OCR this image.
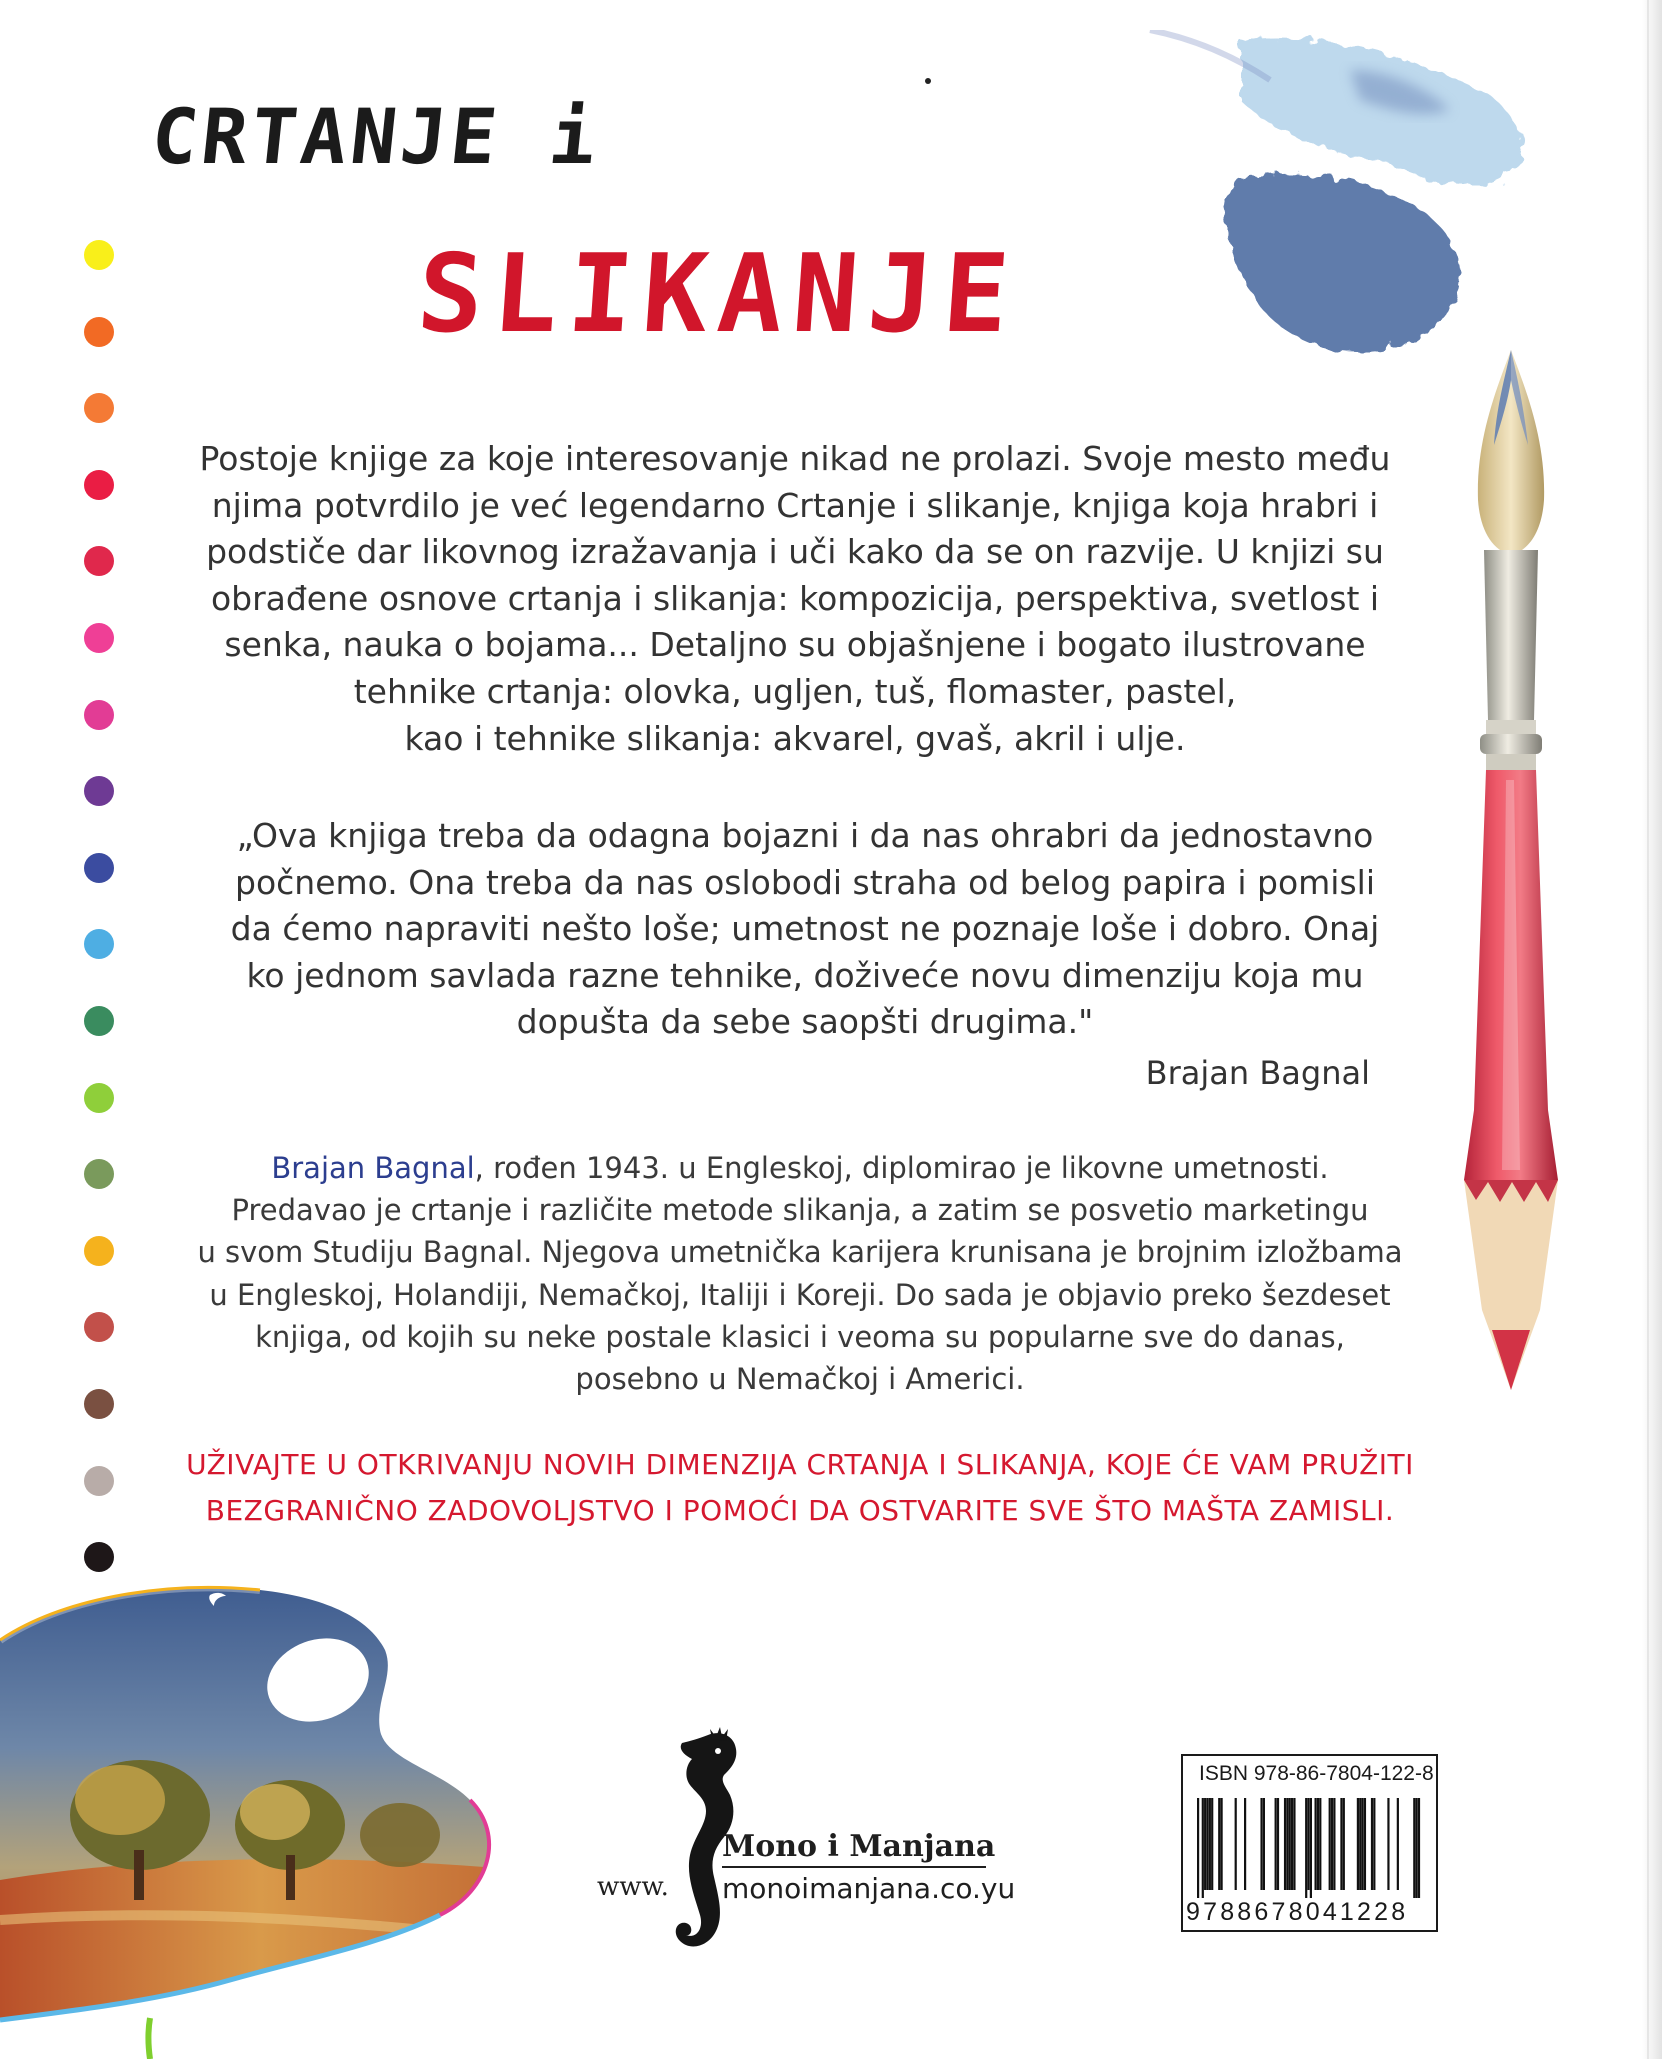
CRTANJE i
SLIKANJE
Postoje knjige za koje interesovanje nikad ne prolazi. Svoje mesto među
njima potvrdilo je već legendarno Crtanje i slikanje, knjiga koja hrabri i
podstiče dar likovnog izražavanja i uči kako da se on razvije. U knjizi su
obrađene osnove crtanja i slikanja: kompozicija, perspektiva, svetlost i
senka, nauka o bojama... Detaljno su objašnjene i bogato ilustrovane
tehnike crtanja: olovka, ugljen, tuš, flomaster, pastel,
kao i tehnike slikanja: akvarel, gvaš, akril i ulje.
„Ova knjiga treba da odagna bojazni i da nas ohrabri da jednostavno
počnemo. Ona treba da nas oslobodi straha od belog papira i pomisli
da ćemo napraviti nešto loše; umetnost ne poznaje loše i dobro. Onaj
ko jednom savlada razne tehnike, doživeće novu dimenziju koja mu
dopušta da sebe saopšti drugima."
Brajan Bagnal
Brajan Bagnal, rođen 1943. u Engleskoj, diplomirao je likovne umetnosti.
Predavao je crtanje i različite metode slikanja, a zatim se posvetio marketingu
u svom Studiju Bagnal. Njegova umetnička karijera krunisana je brojnim izložbama
u Engleskoj, Holandiji, Nemačkoj, Italiji i Koreji. Do sada je objavio preko šezdeset
knjiga, od kojih su neke postale klasici i veoma su popularne sve do danas,
posebno u Nemačkoj i Americi.
UŽIVAJTE U OTKRIVANJU NOVIH DIMENZIJA CRTANJA I SLIKANJA, KOJE ĆE VAM PRUŽITI
BEZGRANIČNO ZADOVOLJSTVO I POMOĆI DA OSTVARITE SVE ŠTO MAŠTA ZAMISLI.
Mono i Manjana
www. monoimanjana.co.yu
ISBN 978-86-7804-122-8
9788678041228
